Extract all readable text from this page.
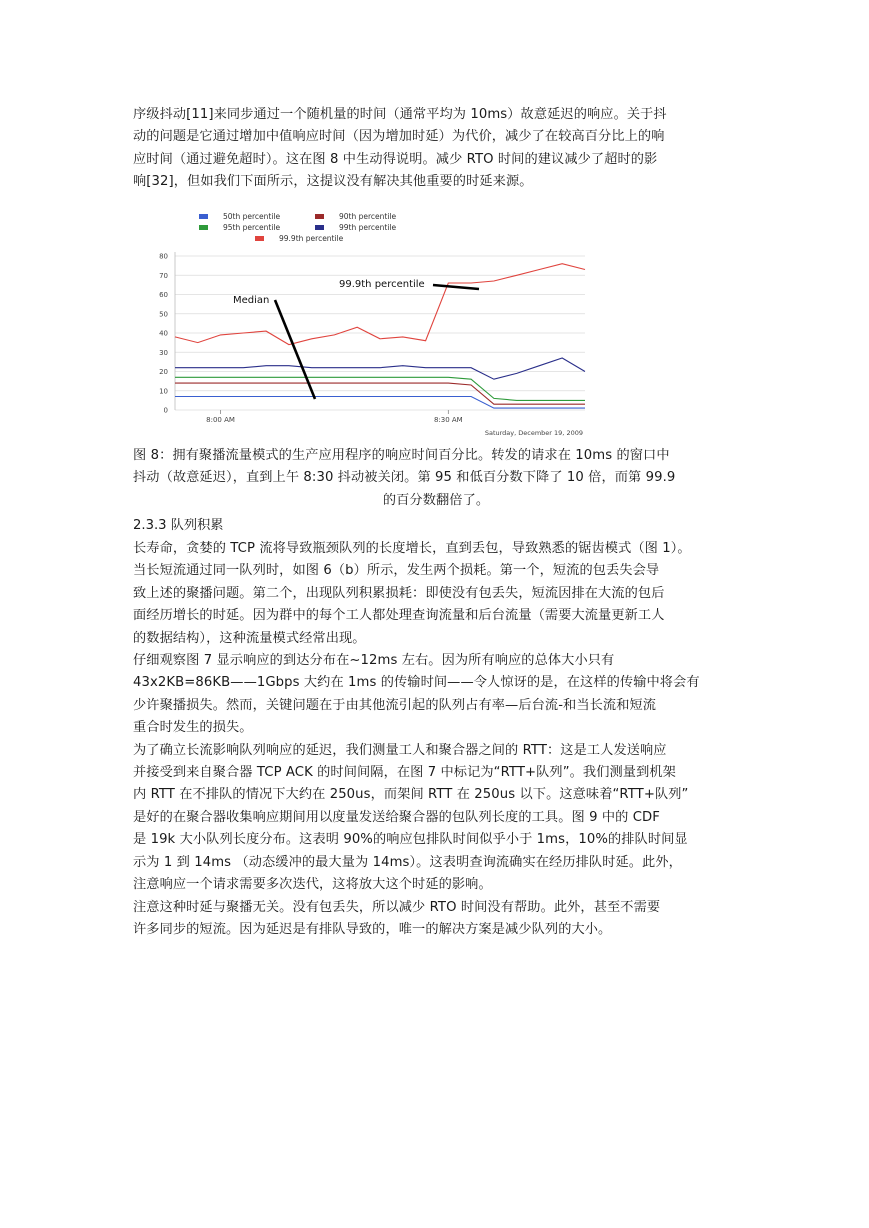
序级抖动[11]来同步通过一个随机量的时间（通常平均为 10ms）故意延迟的响应。关于抖
动的问题是它通过增加中值响应时间（因为增加时延）为代价，减少了在较高百分比上的响
应时间（通过避免超时）。这在图 8 中生动得说明。减少 RTO 时间的建议减少了超时的影
响[32]，但如我们下面所示，这提议没有解决其他重要的时延来源。
50th percentile	90th percentile
95th percentile	99th percentile
99.9th percentile
0
10
20
30
40
50
60
70
80
8:00 AM	8:30 AM
Saturday, December 19, 2009
Median
99.9th percentile
图 8：拥有聚播流量模式的生产应用程序的响应时间百分比。转发的请求在 10ms 的窗口中
抖动（故意延迟），直到上午 8:30 抖动被关闭。第 95 和低百分数下降了 10 倍，而第 99.9
的百分数翻倍了。
2.3.3 队列积累
长寿命，贪婪的 TCP 流将导致瓶颈队列的长度增长，直到丢包，导致熟悉的锯齿模式（图 1）。
当长短流通过同一队列时，如图 6（b）所示，发生两个损耗。第一个，短流的包丢失会导
致上述的聚播问题。第二个，出现队列积累损耗：即使没有包丢失，短流因排在大流的包后
面经历增长的时延。因为群中的每个工人都处理查询流量和后台流量（需要大流量更新工人
的数据结构），这种流量模式经常出现。
仔细观察图 7 显示响应的到达分布在~12ms 左右。因为所有响应的总体大小只有
43x2KB=86KB——1Gbps 大约在 1ms 的传输时间——令人惊讶的是，在这样的传输中将会有
少许聚播损失。然而，关键问题在于由其他流引起的队列占有率—后台流-和当长流和短流
重合时发生的损失。
为了确立长流影响队列响应的延迟，我们测量工人和聚合器之间的 RTT：这是工人发送响应
并接受到来自聚合器 TCP ACK 的时间间隔，在图 7 中标记为“RTT+队列”。我们测量到机架
内 RTT 在不排队的情况下大约在 250us，而架间 RTT 在 250us 以下。这意味着“RTT+队列”
是好的在聚合器收集响应期间用以度量发送给聚合器的包队列长度的工具。图 9 中的 CDF
是 19k 大小队列长度分布。这表明 90%的响应包排队时间似乎小于 1ms，10%的排队时间显
示为 1 到 14ms （动态缓冲的最大量为 14ms）。这表明查询流确实在经历排队时延。此外，
注意响应一个请求需要多次迭代，这将放大这个时延的影响。
注意这种时延与聚播无关。没有包丢失，所以减少 RTO 时间没有帮助。此外，甚至不需要
许多同步的短流。因为延迟是有排队导致的，唯一的解决方案是减少队列的大小。
